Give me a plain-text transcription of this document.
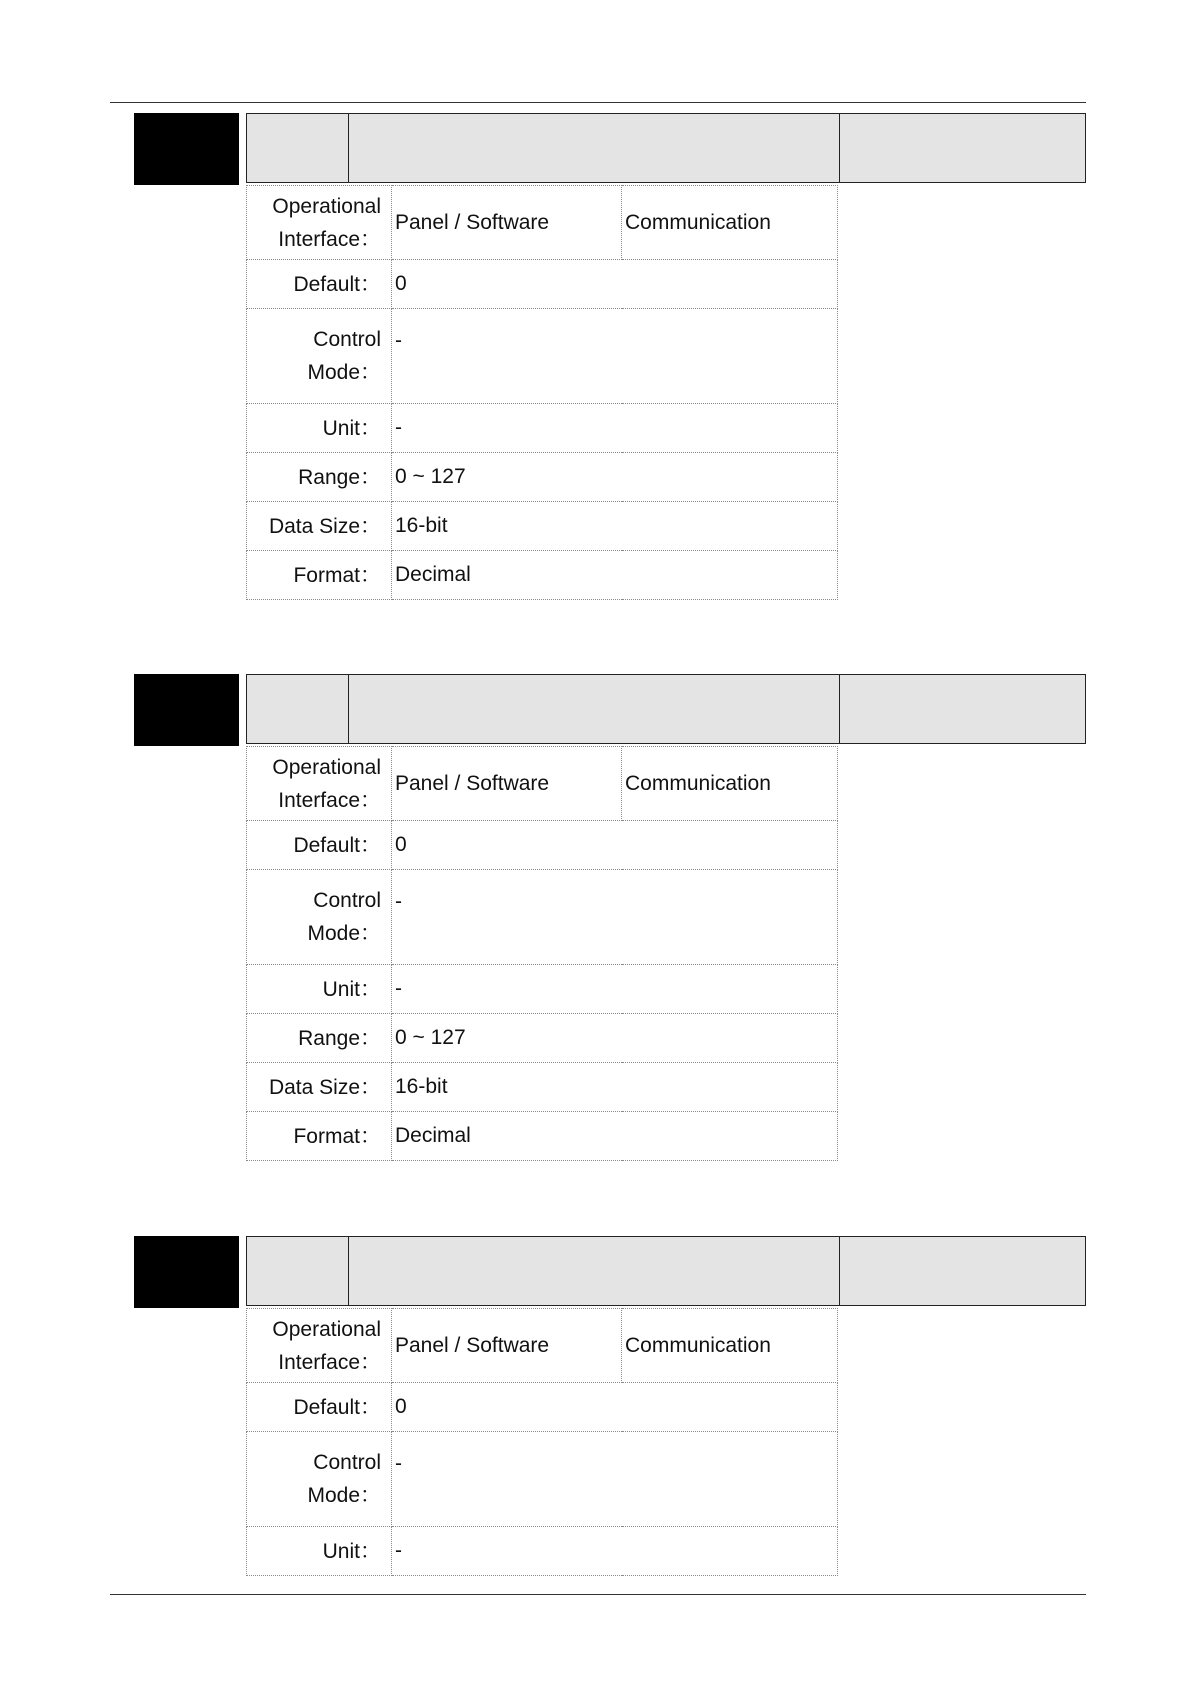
Operational Interface：	Panel / Software	Communication
Default：	0	
Control Mode：	-	
Unit：	-	
Range：	0 ~ 127	
Data Size：	16-bit	
Format：	Decimal	
Operational Interface：	Panel / Software	Communication
Default：	0	
Control Mode：	-	
Unit：	-	
Range：	0 ~ 127	
Data Size：	16-bit	
Format：	Decimal	
Operational Interface：	Panel / Software	Communication
Default：	0	
Control Mode：	-	
Unit：	-	
